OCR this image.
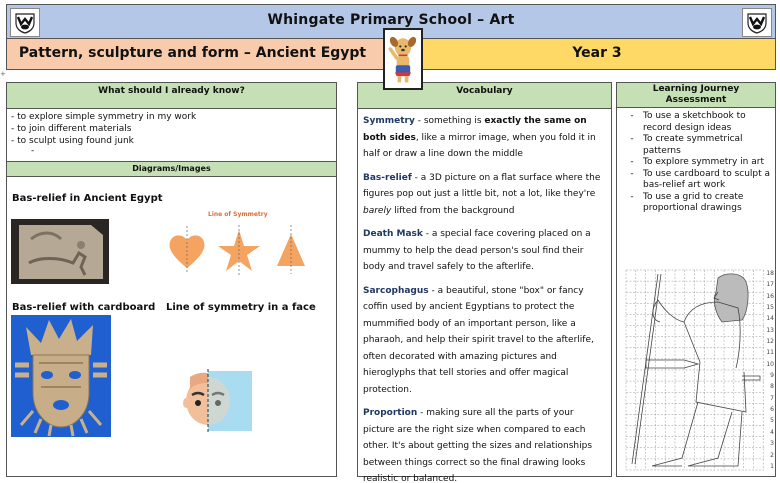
Whingate Primary School – Art
Pattern, sculpture and form – Ancient Egypt	Year 3
+
What should I already know?
- to explore simple symmetry in my work
- to join different materials
- to sculpt using found junk
-
Diagrams/Images
Bas-relief in Ancient Egypt
Line of Symmetry
Bas-relief with cardboard Line of symmetry in a face
Vocabulary

Symmetry - something is exactly the same on both sides, like a mirror image, when you fold it in half or draw a line down the middle

Bas-relief - a 3D picture on a flat surface where the figures pop out just a little bit, not a lot, like they're barely lifted from the background

Death Mask - a special face covering placed on a mummy to help the dead person's soul find their body and travel safely to the afterlife.

Sarcophagus - a beautiful, stone "box" or fancy coffin used by ancient Egyptians to protect the mummified body of an important person, like a pharaoh, and help their spirit travel to the afterlife, often decorated with amazing pictures and hieroglyphs that tell stories and offer magical protection.

Proportion - making sure all the parts of your picture are the right size when compared to each other. It's about getting the sizes and relationships between things correct so the final drawing looks realistic or balanced.

Learning Journey
Assessment
-	To use a sketchbook to record design ideas
-	To create symmetrical patterns
-	To explore symmetry in art
-	To use cardboard to sculpt a bas-relief art work
-	To use a grid to create proportional drawings
18
17
16
15
14
13
12
11
10
9
8
7
6
5
4
3
2
1
